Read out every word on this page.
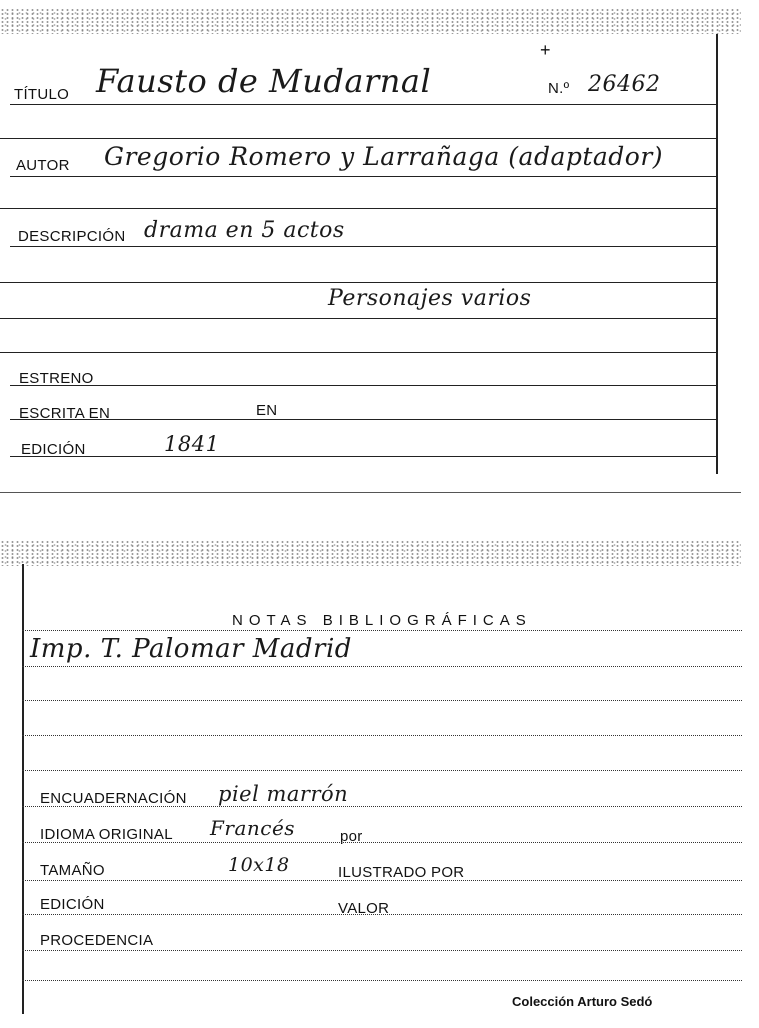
TÍTULO Fausto de Mudarnal	N.º 26462
+
AUTOR Gregorio Romero y Larrañaga (adaptador)
DESCRIPCIÓN drama en 5 actos
Personajes varios
ESTRENO
ESCRITA EN	EN
EDICIÓN	1841
NOTAS BIBLIOGRÁFICAS
Imp. T. Palomar Madrid
ENCUADERNACIÓN piel marrón
IDIOMA ORIGINAL Francés	por
TAMAÑO	10x18	ILUSTRADO POR
EDICIÓN	VALOR
PROCEDENCIA
Colección Arturo Sedó
